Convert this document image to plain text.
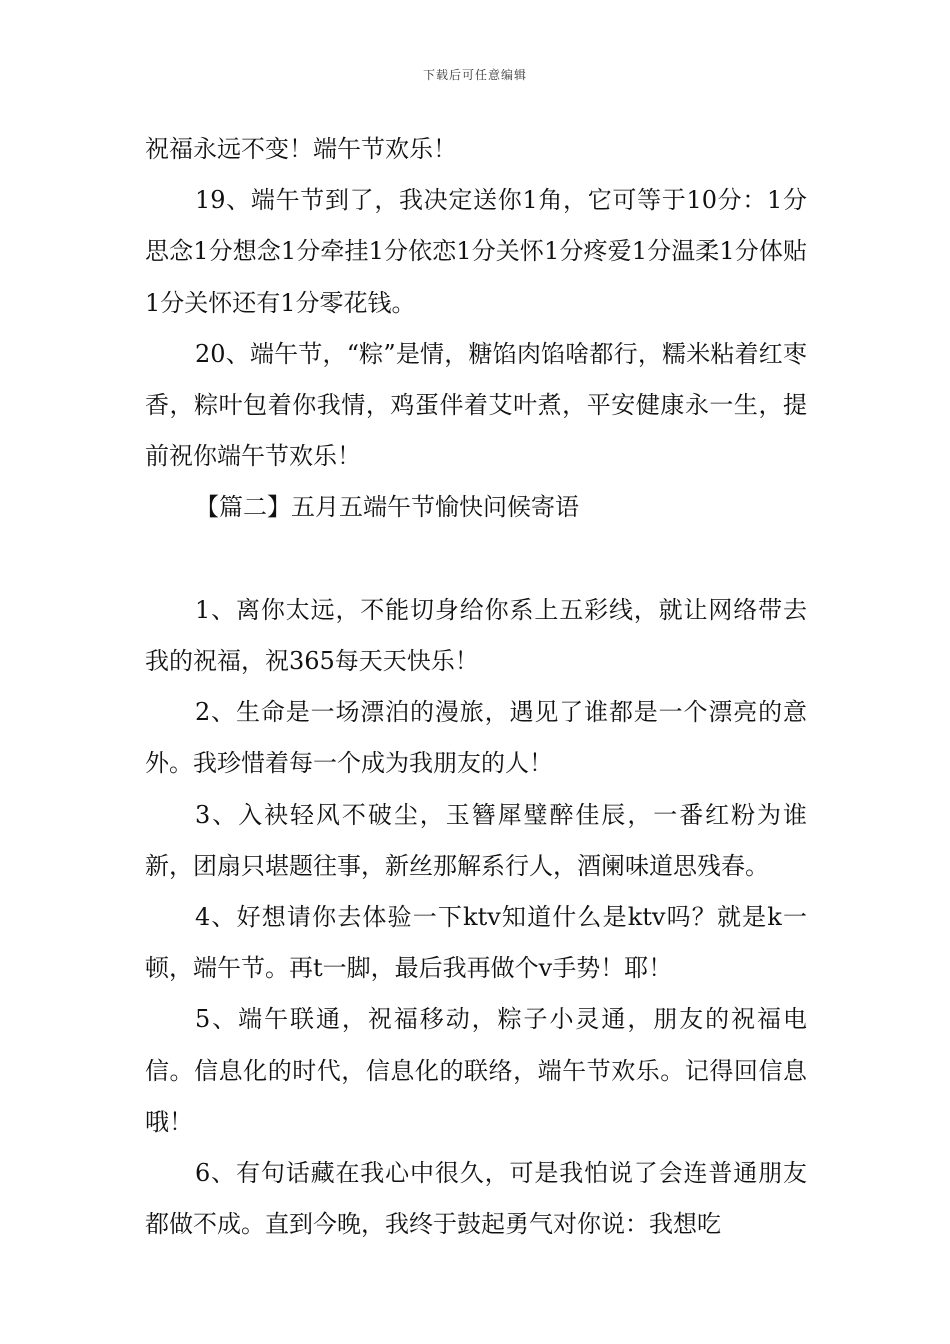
下载后可任意编辑

祝福永远不变！端午节欢乐！

19、端午节到了，我决定送你1角，它可等于10分：1分思念1分想念1分牵挂1分依恋1分关怀1分疼爱1分温柔1分体贴1分关怀还有1分零花钱。

20、端午节，“粽”是情，糖馅肉馅啥都行，糯米粘着红枣香，粽叶包着你我情，鸡蛋伴着艾叶煮，平安健康永一生，提前祝你端午节欢乐！

【篇二】五月五端午节愉快问候寄语

1、离你太远，不能切身给你系上五彩线，就让网络带去我的祝福，祝365每天天快乐！

2、生命是一场漂泊的漫旅，遇见了谁都是一个漂亮的意外。我珍惜着每一个成为我朋友的人！

3、入袂轻风不破尘，玉簪犀璧醉佳辰，一番红粉为谁新，团扇只堪题往事，新丝那解系行人，酒阑味道思残春。

4、好想请你去体验一下ktv知道什么是ktv吗？就是k一顿，端午节。再t一脚，最后我再做个v手势！耶！

5、端午联通，祝福移动，粽子小灵通，朋友的祝福电信。信息化的时代，信息化的联络，端午节欢乐。记得回信息哦！

6、有句话藏在我心中很久，可是我怕说了会连普通朋友都做不成。直到今晚，我终于鼓起勇气对你说：我想吃
